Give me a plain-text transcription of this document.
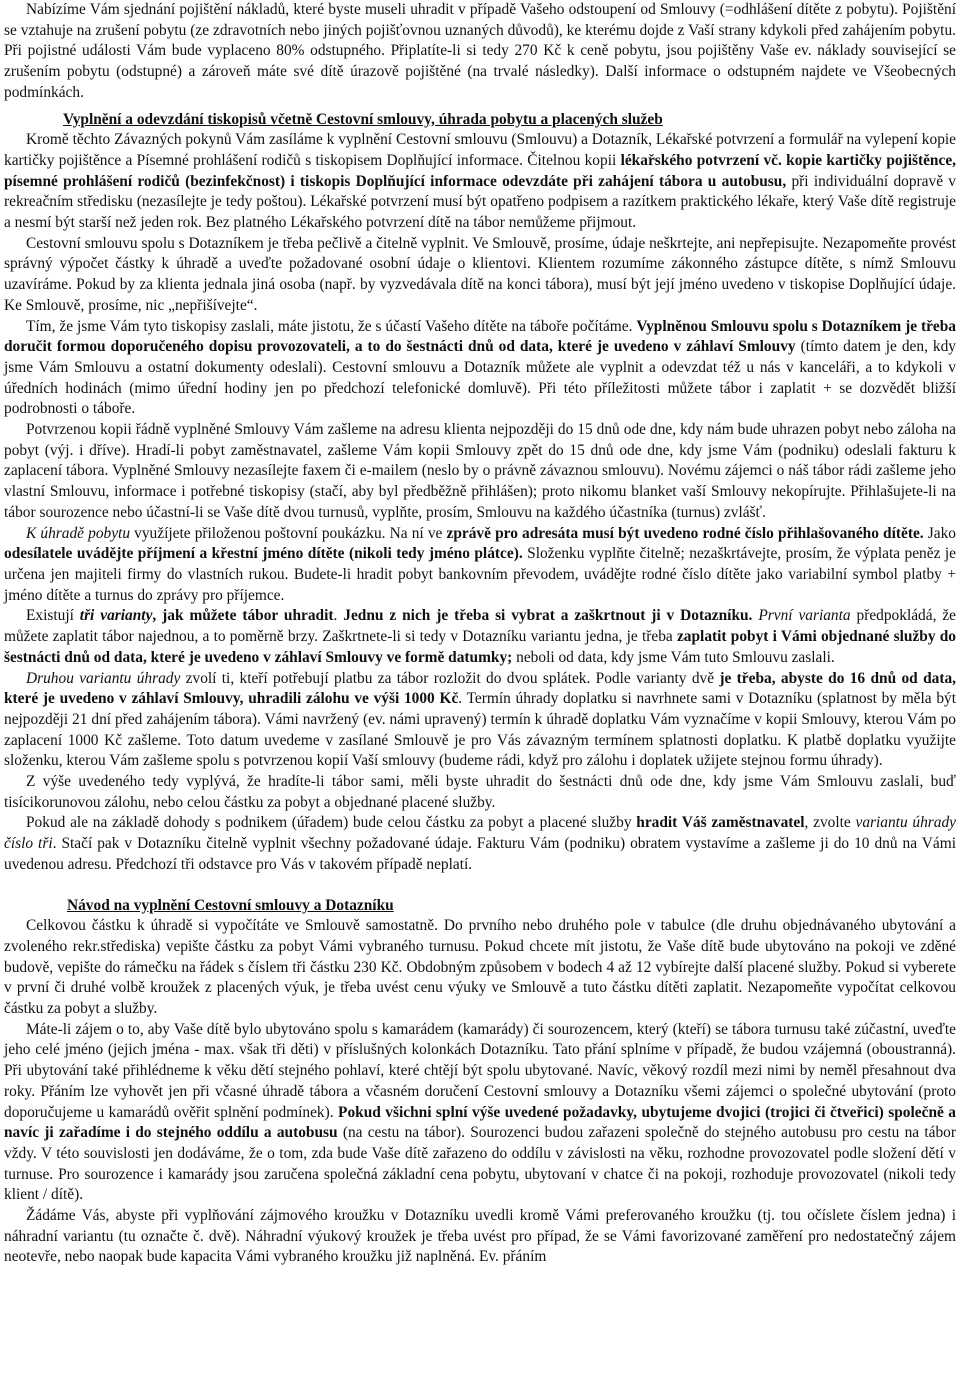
Nabízíme Vám sjednání pojištění nákladů, které byste museli uhradit v případě Vašeho odstoupení od Smlouvy (=odhlášení dítěte z pobytu). Pojištění se vztahuje na zrušení pobytu (ze zdravotních nebo jiných pojišťovnou uznaných důvodů), ke kterému dojde z Vaší strany kdykoli před zahájením pobytu. Při pojistné události Vám bude vyplaceno 80% odstupného. Připlatíte-li si tedy 270 Kč k ceně pobytu, jsou pojištěny Vaše ev. náklady související se zrušením pobytu (odstupné) a zároveň máte své dítě úrazově pojištěné (na trvalé následky). Další informace o odstupném najdete ve Všeobecných podmínkách.

Vyplnění a odevzdání tiskopisů včetně Cestovní smlouvy, úhrada pobytu a placených služeb

Kromě těchto Závazných pokynů Vám zasíláme k vyplnění Cestovní smlouvu (Smlouvu) a Dotazník, Lékařské potvrzení a formulář na vylepení kopie kartičky pojištěnce a Písemné prohlášení rodičů s tiskopisem Doplňující informace. Čitelnou kopii lékařského potvrzení vč. kopie kartičky pojištěnce, písemné prohlášení rodičů (bezinfekčnost) i tiskopis Doplňující informace odevzdáte při zahájení tábora u autobusu, při individuální dopravě v rekreačním středisku (nezasílejte je tedy poštou). Lékařské potvrzení musí být opatřeno podpisem a razítkem praktického lékaře, který Vaše dítě registruje a nesmí být starší než jeden rok. Bez platného Lékařského potvrzení dítě na tábor nemůžeme přijmout.

Cestovní smlouvu spolu s Dotazníkem je třeba pečlivě a čitelně vyplnit. Ve Smlouvě, prosíme, údaje neškrtejte, ani nepřepisujte. Nezapomeňte provést správný výpočet částky k úhradě a uveďte požadované osobní údaje o klientovi. Klientem rozumíme zákonného zástupce dítěte, s nímž Smlouvu uzavíráme. Pokud by za klienta jednala jiná osoba (např. by vyzvedávala dítě na konci tábora), musí být její jméno uvedeno v tiskopise Doplňující údaje. Ke Smlouvě, prosíme, nic „nepřišívejte“.

Tím, že jsme Vám tyto tiskopisy zaslali, máte jistotu, že s účastí Vašeho dítěte na táboře počítáme. Vyplněnou Smlouvu spolu s Dotazníkem je třeba doručit formou doporučeného dopisu provozovateli, a to do šestnácti dnů od data, které je uvedeno v záhlaví Smlouvy (tímto datem je den, kdy jsme Vám Smlouvu a ostatní dokumenty odeslali). Cestovní smlouvu a Dotazník můžete ale vyplnit a odevzdat též u nás v kanceláři, a to kdykoli v úředních hodinách (mimo úřední hodiny jen po předchozí telefonické domluvě). Při této příležitosti můžete tábor i zaplatit + se dozvědět bližší podrobnosti o táboře.

Potvrzenou kopii řádně vyplněné Smlouvy Vám zašleme na adresu klienta nejpozději do 15 dnů ode dne, kdy nám bude uhrazen pobyt nebo záloha na pobyt (výj. i dříve). Hradí-li pobyt zaměstnavatel, zašleme Vám kopii Smlouvy zpět do 15 dnů ode dne, kdy jsme Vám (podniku) odeslali fakturu k zaplacení tábora. Vyplněné Smlouvy nezasílejte faxem či e-mailem (neslo by o právně závaznou smlouvu). Novému zájemci o náš tábor rádi zašleme jeho vlastní Smlouvu, informace i potřebné tiskopisy (stačí, aby byl předběžně přihlášen); proto nikomu blanket vaší Smlouvy nekopírujte. Přihlašujete-li na tábor sourozence nebo účastní-li se Vaše dítě dvou turnusů, vyplňte, prosím, Smlouvu na každého účastníka (turnus) zvlášť.

K úhradě pobytu využíjete přiloženou poštovní poukázku. Na ní ve zprávě pro adresáta musí být uvedeno rodné číslo přihlašovaného dítěte. Jako odesílatele uvádějte příjmení a křestní jméno dítěte (nikoli tedy jméno plátce). Složenku vyplňte čitelně; nezaškrtávejte, prosím, že výplata peněz je určena jen majiteli firmy do vlastních rukou. Budete-li hradit pobyt bankovním převodem, uvádějte rodné číslo dítěte jako variabilní symbol platby + jméno dítěte a turnus do zprávy pro příjemce.

Existují tři varianty, jak můžete tábor uhradit. Jednu z nich je třeba si vybrat a zaškrtnout ji v Dotazníku. První varianta předpokládá, že můžete zaplatit tábor najednou, a to poměrně brzy. Zaškrtnete-li si tedy v Dotazníku variantu jedna, je třeba zaplatit pobyt i Vámi objednané služby do šestnácti dnů od data, které je uvedeno v záhlaví Smlouvy ve formě datumky; neboli od data, kdy jsme Vám tuto Smlouvu zaslali.

Druhou variantu úhrady zvolí ti, kteří potřebují platbu za tábor rozložit do dvou splátek. Podle varianty dvě je třeba, abyste do 16 dnů od data, které je uvedeno v záhlaví Smlouvy, uhradili zálohu ve výši 1000 Kč. Termín úhrady doplatku si navrhnete sami v Dotazníku (splatnost by měla být nejpozději 21 dní před zahájením tábora). Vámi navržený (ev. námi upravený) termín k úhradě doplatku Vám vyznačíme v kopii Smlouvy, kterou Vám po zaplacení 1000 Kč zašleme. Toto datum uvedeme v zasílané Smlouvě je pro Vás závazným termínem splatnosti doplatku. K platbě doplatku využijte složenku, kterou Vám zašleme spolu s potvrzenou kopií Vaší smlouvy (budeme rádi, když pro zálohu i doplatek užijete stejnou formu úhrady).

Z výše uvedeného tedy vyplývá, že hradíte-li tábor sami, měli byste uhradit do šestnácti dnů ode dne, kdy jsme Vám Smlouvu zaslali, buď tisícikorunovou zálohu, nebo celou částku za pobyt a objednané placené služby.

Pokud ale na základě dohody s podnikem (úřadem) bude celou částku za pobyt a placené služby hradit Váš zaměstnavatel, zvolte variantu úhrady číslo tři. Stačí pak v Dotazníku čitelně vyplnit všechny požadované údaje. Fakturu Vám (podniku) obratem vystavíme a zašleme ji do 10 dnů na Vámi uvedenou adresu. Předchozí tři odstavce pro Vás v takovém případě neplatí.

Návod na vyplnění Cestovní smlouvy a Dotazníku

Celkovou částku k úhradě si vypočítáte ve Smlouvě samostatně. Do prvního nebo druhého pole v tabulce (dle druhu objednávaného ubytování a zvoleného rekr.střediska) vepište částku za pobyt Vámi vybraného turnusu. Pokud chcete mít jistotu, že Vaše dítě bude ubytováno na pokoji ve zděné budově, vepište do rámečku na řádek s číslem tři částku 230 Kč. Obdobným způsobem v bodech 4 až 12 vybírejte další placené služby. Pokud si vyberete v první či druhé volbě kroužek z placených výuk, je třeba uvést cenu výuky ve Smlouvě a tuto částku dítěti zaplatit. Nezapomeňte vypočítat celkovou částku za pobyt a služby.

Máte-li zájem o to, aby Vaše dítě bylo ubytováno spolu s kamarádem (kamarády) či sourozencem, který (kteří) se tábora turnusu také zúčastní, uveďte jeho celé jméno (jejich jména - max. však tři děti) v příslušných kolonkách Dotazníku. Tato přání splníme v případě, že budou vzájemná (oboustranná). Při ubytování také přihlédneme k věku dětí stejného pohlaví, které chtějí být spolu ubytované. Navíc, věkový rozdíl mezi nimi by neměl přesahnout dva roky. Přáním lze vyhovět jen při včasné úhradě tábora a včasném doručení Cestovní smlouvy a Dotazníku všemi zájemci o společné ubytování (proto doporučujeme u kamarádů ověřit splnění podmínek). Pokud všichni splní výše uvedené požadavky, ubytujeme dvojici (trojici či čtveřici) společně a navíc ji zařadíme i do stejného oddílu a autobusu (na cestu na tábor). Sourozenci budou zařazeni společně do stejného autobusu pro cestu na tábor vždy. V této souvislosti jen dodáváme, že o tom, zda bude Vaše dítě zařazeno do oddílu v závislosti na věku, rozhodne provozovatel podle složení dětí v turnuse. Pro sourozence i kamarády jsou zaručena společná základní cena pobytu, ubytovaní v chatce či na pokoji, rozhoduje provozovatel (nikoli tedy klient / dítě).

Žádáme Vás, abyste při vyplňování zájmového kroužku v Dotazníku uvedli kromě Vámi preferovaného kroužku (tj. tou očíslete číslem jedna) i náhradní variantu (tu označte č. dvě). Náhradní výukový kroužek je třeba uvést pro případ, že se Vámi favorizované zaměření pro nedostatečný zájem neotevře, nebo naopak bude kapacita Vámi vybraného kroužku již naplněná. Ev. přáním
